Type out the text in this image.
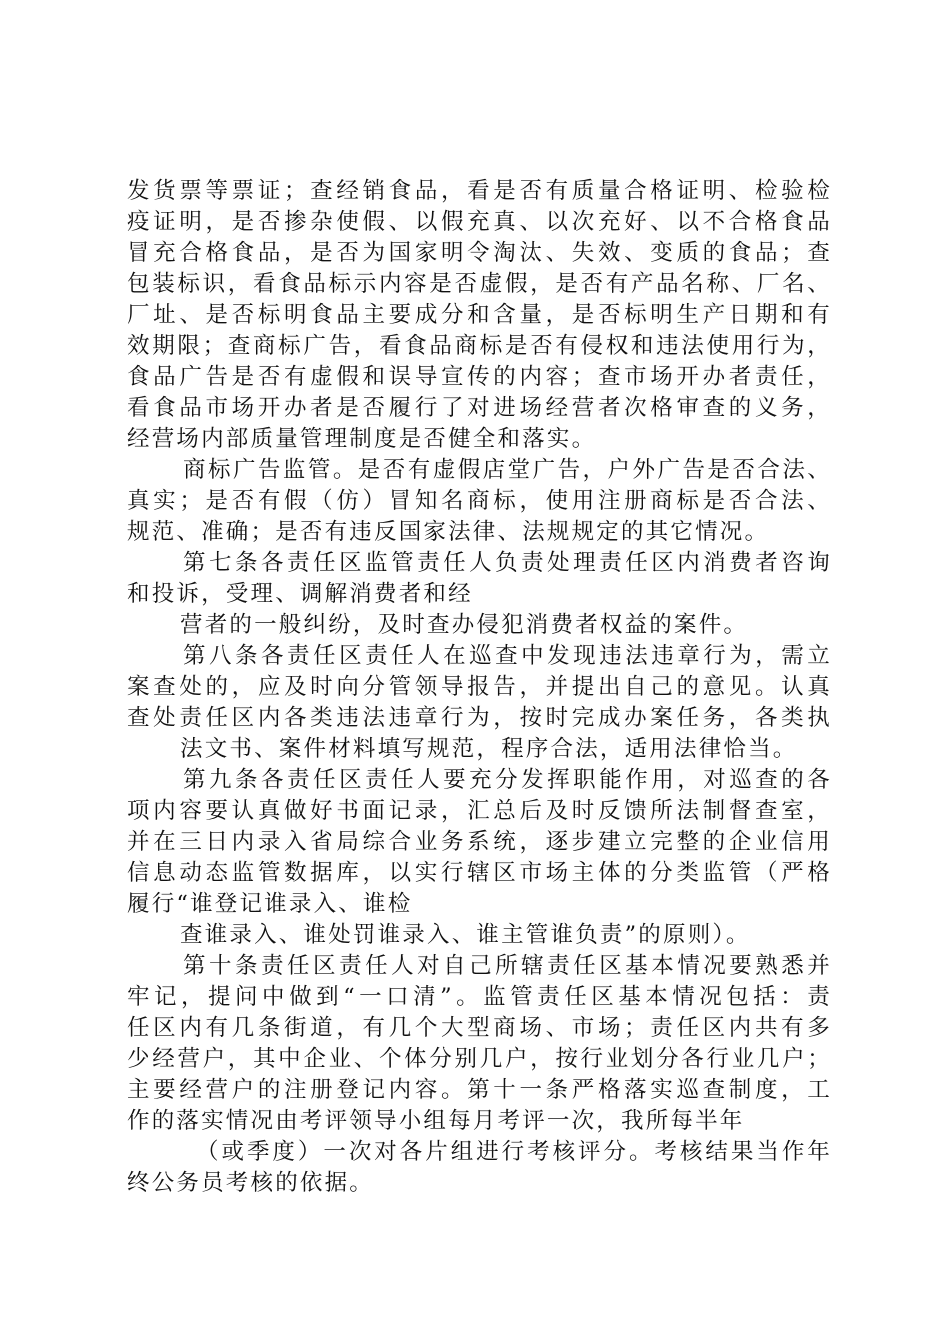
发货票等票证；查经销食品，看是否有质量合格证明、检验检
疫证明，是否掺杂使假、以假充真、以次充好、以不合格食品
冒充合格食品，是否为国家明令淘汰、失效、变质的食品；查
包装标识，看食品标示内容是否虚假，是否有产品名称、厂名、
厂址、是否标明食品主要成分和含量，是否标明生产日期和有
效期限；查商标广告，看食品商标是否有侵权和违法使用行为，
食品广告是否有虚假和误导宣传的内容；查市场开办者责任，
看食品市场开办者是否履行了对进场经营者次格审查的义务，
经营场内部质量管理制度是否健全和落实。
商标广告监管。是否有虚假店堂广告，户外广告是否合法、
真实；是否有假（仿）冒知名商标，使用注册商标是否合法、
规范、准确；是否有违反国家法律、法规规定的其它情况。
第七条各责任区监管责任人负责处理责任区内消费者咨询
和投诉，受理、调解消费者和经
营者的一般纠纷，及时查办侵犯消费者权益的案件。
第八条各责任区责任人在巡查中发现违法违章行为，需立
案查处的，应及时向分管领导报告，并提出自己的意见。认真
查处责任区内各类违法违章行为，按时完成办案任务，各类执
法文书、案件材料填写规范，程序合法，适用法律恰当。
第九条各责任区责任人要充分发挥职能作用，对巡查的各
项内容要认真做好书面记录，汇总后及时反馈所法制督查室，
并在三日内录入省局综合业务系统，逐步建立完整的企业信用
信息动态监管数据库，以实行辖区市场主体的分类监管（严格
履行“谁登记谁录入、谁检
查谁录入、谁处罚谁录入、谁主管谁负责”的原则）。
第十条责任区责任人对自己所辖责任区基本情况要熟悉并
牢记，提问中做到“一口清”。监管责任区基本情况包括：责
任区内有几条街道，有几个大型商场、市场；责任区内共有多
少经营户，其中企业、个体分别几户，按行业划分各行业几户；
主要经营户的注册登记内容。第十一条严格落实巡查制度，工
作的落实情况由考评领导小组每月考评一次，我所每半年
（或季度）一次对各片组进行考核评分。考核结果当作年
终公务员考核的依据。
